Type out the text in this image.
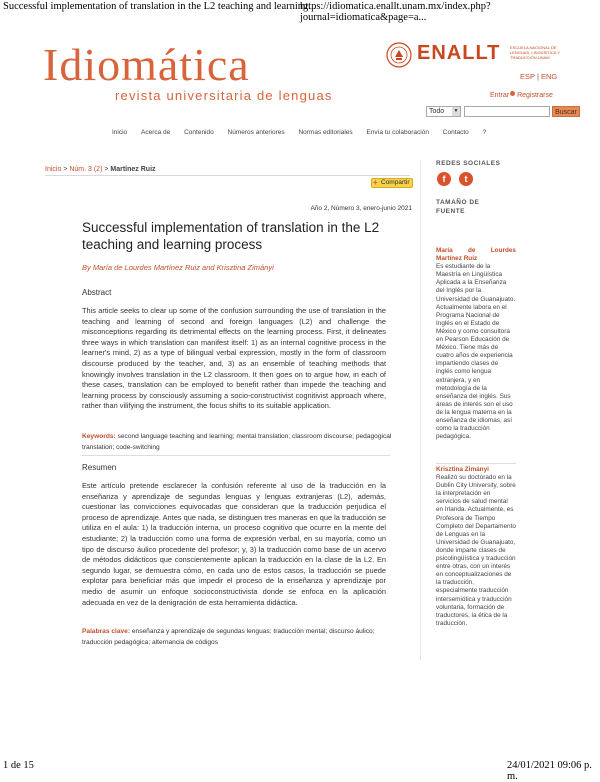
Successful implementation of translation in the L2 teaching and learning...
https://idiomatica.enallt.unam.mx/index.php?journal=idiomatica&page=a...
Idiomática
revista universitaria de lenguas
ENALLT ESCUELA NACIONAL DE LENGUAS, LINGÜÍSTICA Y TRADUCCIÓN UNAM
ESP | ENG
Entrar Registrarse
Todo	▼	Buscar
Inicio Acerca de Contenido Números anteriores Normas editoriales Envía tu colaboración Contacto ?
Inicio > Núm. 3 (2) > Martínez Ruiz
+ Compartir
Año 2, Número 3, enero-junio 2021
Successful implementation of translation in the L2 teaching and learning process
By María de Lourdes Martínez Ruiz and Krisztina Zimányi
Abstract
This article seeks to clear up some of the confusion surrounding the use of translation in the teaching and learning of second and foreign languages (L2) and challenge the misconceptions regarding its detrimental effects on the learning process. First, it delineates three ways in which translation can manifest itself: 1) as an internal cognitive process in the learner's mind, 2) as a type of bilingual verbal expression, mostly in the form of classroom discourse produced by the teacher, and, 3) as an ensemble of teaching methods that knowingly involves translation in the L2 classroom. It then goes on to argue how, in each of these cases, translation can be employed to benefit rather than impede the teaching and learning process by consciously assuming a socio-constructivist cognitivist approach where, rather than vilifying the instrument, the focus shifts to its suitable application.
Keywords: second language teaching and learning; mental translation; classroom discourse; pedagogical translation; code-switching
Resumen
Este artículo pretende esclarecer la confusión referente al uso de la traducción en la enseñanza y aprendizaje de segundas lenguas y lenguas extranjeras (L2), además, cuestionar las convicciones equivocadas que consideran que la traducción perjudica el proceso de aprendizaje. Antes que nada, se distinguen tres maneras en que la traducción se utiliza en el aula: 1) la traducción interna, un proceso cognitivo que ocurre en la mente del estudiante; 2) la traducción como una forma de expresión verbal, en su mayoría, como un tipo de discurso áulico procedente del profesor; y, 3) la traducción como base de un acervo de métodos didácticos que conscientemente aplican la traducción en la clase de la L2. En segundo lugar, se demuestra cómo, en cada uno de estos casos, la traducción se puede explotar para beneficiar más que impedir el proceso de la enseñanza y aprendizaje por medio de asumir un enfoque socioconstructivista donde se enfoca en la aplicación adecuada en vez de la denigración de esta herramienta didáctica.
Palabras clave: enseñanza y aprendizaje de segundas lenguas; traducción mental; discurso áulico; traducción pedagógica; alternancia de códigos
REDES SOCIALES
f t
TAMAÑO DE FUENTE
María de Lourdes Martínez Ruiz
Es estudiante de la Maestría en Lingüística Aplicada a la Enseñanza del Inglés por la Universidad de Guanajuato. Actualmente labora en el Programa Nacional de Inglés en el Estado de México y como consultora en Pearson Educación de México. Tiene más de cuatro años de experiencia impartiendo clases de inglés como lengua extranjera, y en metodología de la enseñanza del inglés. Sus áreas de interés son el uso de la lengua materna en la enseñanza de idiomas, así como la traducción pedagógica.
Krisztina Zimányi
Realizó su doctorado en la Dublin City University, sobre la interpretación en servicios de salud mental en Irlanda. Actualmente, es Profesora de Tiempo Completo del Departamento de Lenguas en la Universidad de Guanajuato, donde imparte clases de psicolingüística y traducción entre otras, con un interés en conceptualizaciones de la traducción, especialmente traducción intersemiótica y traducción voluntaria, formación de traductores, la ética de la traducción.
1 de 15	24/01/2021 09:06 p. m.
